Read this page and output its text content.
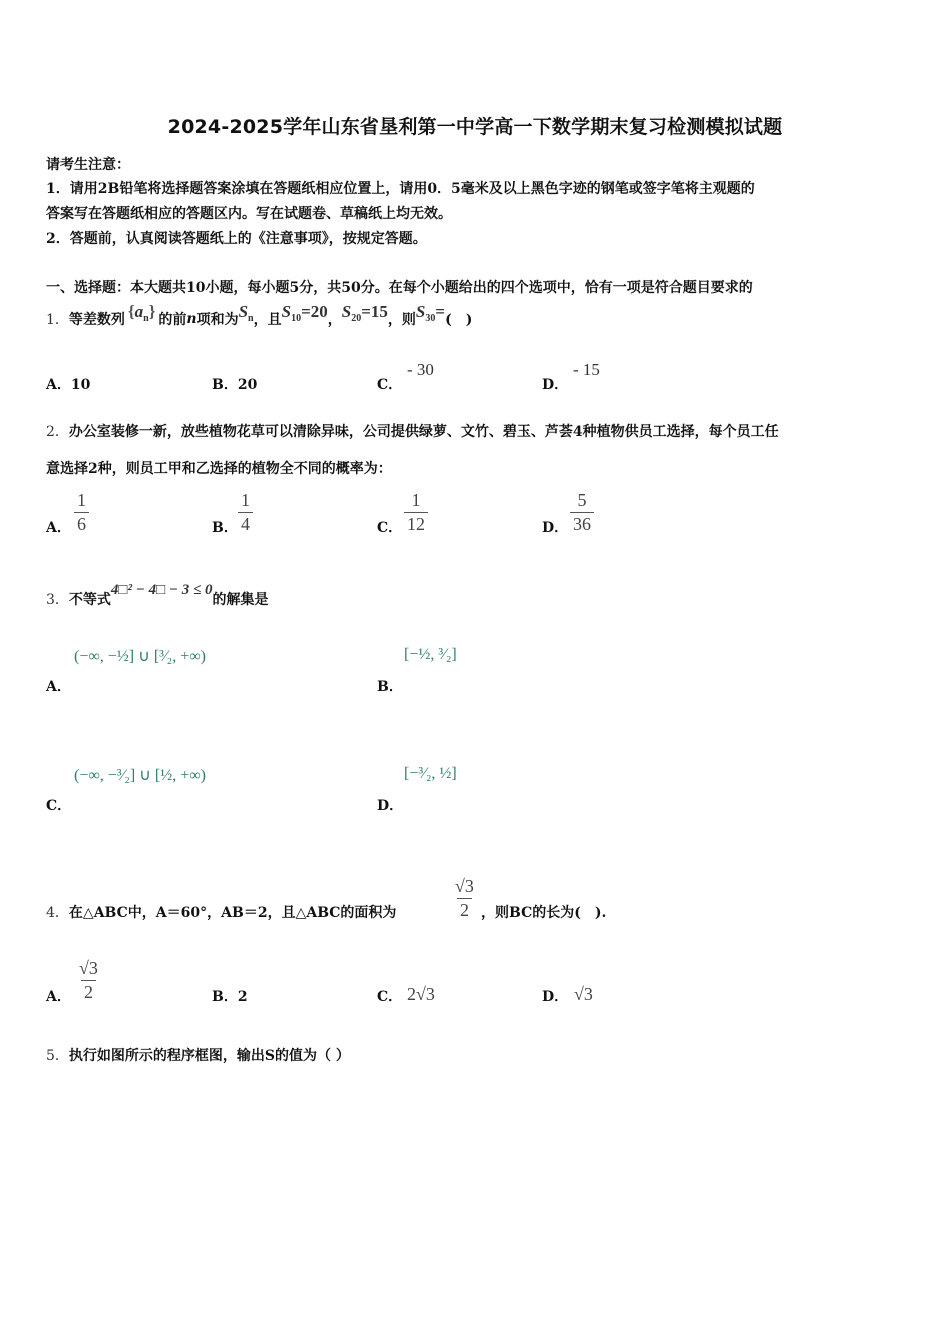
2024-2025学年山东省垦利第一中学高一下数学期末复习检测模拟试题
请考生注意：
1．请用2B铅笔将选择题答案涂填在答题纸相应位置上，请用0．5毫米及以上黑色字迹的钢笔或签字笔将主观题的
答案写在答题纸相应的答题区内。写在试题卷、草稿纸上均无效。
2．答题前，认真阅读答题纸上的《注意事项》，按规定答题。
一、选择题：本大题共10小题，每小题5分，共50分。在每个小题给出的四个选项中，恰有一项是符合题目要求的
1． 等差数列 $\{a_n\}$ 的前 n 项和为 $S_n$ ，且 $S_{10}=20$ ， $S_{20}=15$ ，则 $S_{30}=$ (　)
A．10	B．20	C．
- 30
D．
- 15
2．办公室装修一新，放些植物花草可以清除异味，公司提供绿萝、文竹、碧玉、芦荟4种植物供员工选择，每个员工任
意选择2种，则员工甲和乙选择的植物全不同的概率为：
A． $\frac{1}{6}$	B． $\frac{1}{4}$	C． $\frac{1}{12}$	D． $\frac{5}{36}$
3． 不等式
4□² − 4□ − 3 ≤ 0
的解集是
(−∞, −½] ∪ [³⁄₂, +∞)
A．
[−½, ³⁄₂]
B．
(−∞, −³⁄₂] ∪ [½, +∞)
C．
[−³⁄₂, ½]
D．
4．在△ABC中，A＝60°，AB＝2，且△ABC的面积为	$\frac{√3}{2}$ ，则BC的长为(　).
A． $\frac{√3}{2}$	B．2	C． 2√3	D． √3
5．执行如图所示的程序框图，输出S的值为（ ）
